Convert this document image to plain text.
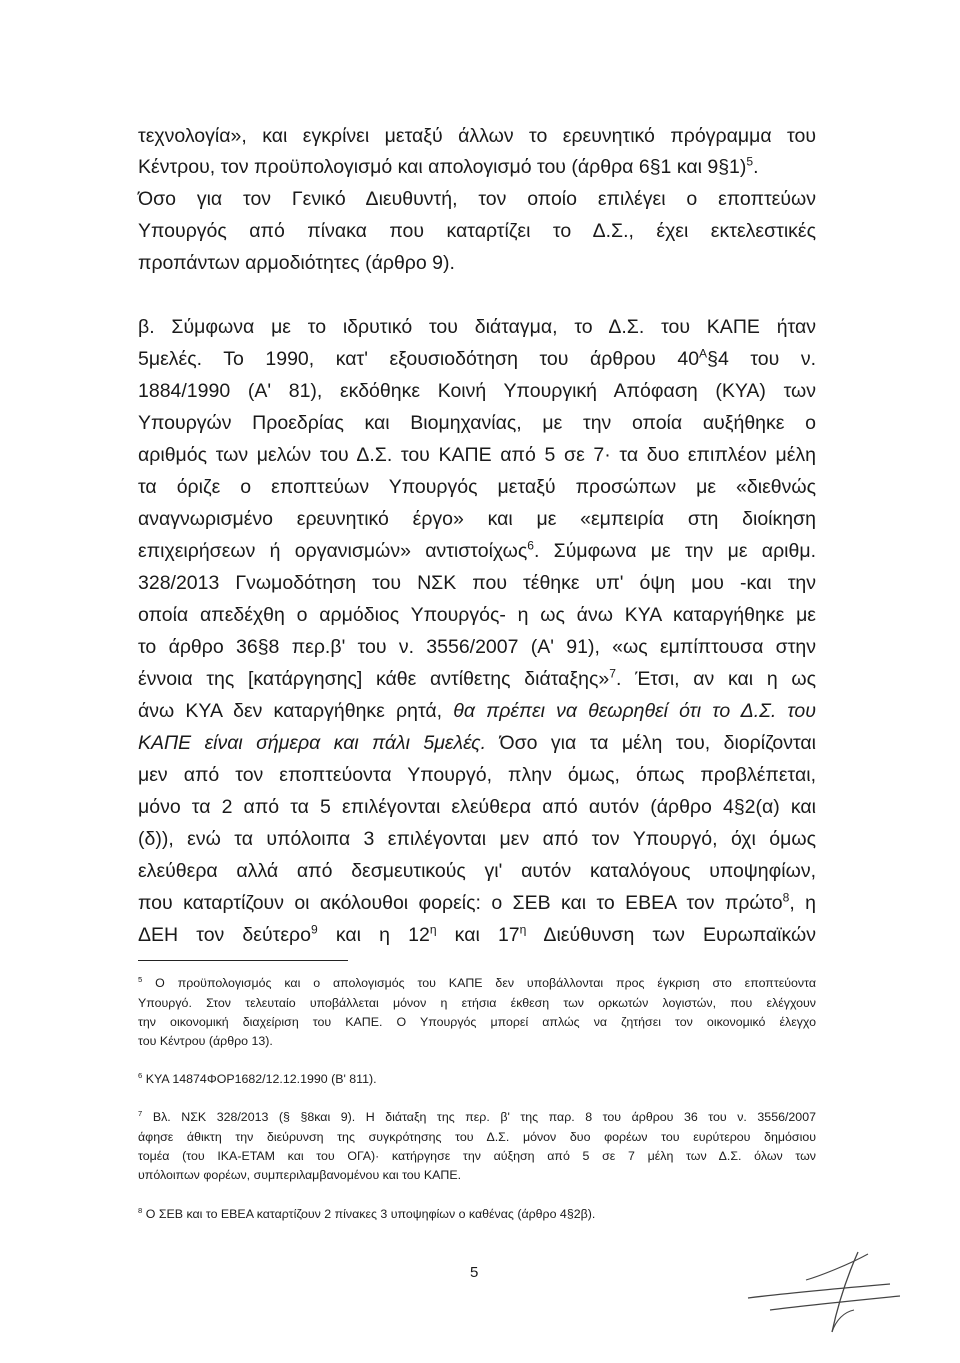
τεχνολογία», και εγκρίνει μεταξύ άλλων το ερευνητικό πρόγραμμα του
Κέντρου, τον προϋπολογισμό και απολογισμό του (άρθρα 6§1 και 9§1)$^5$.
Όσο για τον Γενικό Διευθυντή, τον οποίο επιλέγει ο εποπτεύων
Υπουργός από πίνακα που καταρτίζει το Δ.Σ., έχει εκτελεστικές
προπάντων αρμοδιότητες (άρθρο 9).
β. Σύμφωνα με το ιδρυτικό του διάταγμα, το Δ.Σ. του ΚΑΠΕ ήταν
5μελές. Το 1990, κατ' εξουσιοδότηση του άρθρου $40^A\S 4$ του ν.
1884/1990 (Α' 81), εκδόθηκε Κοινή Υπουργική Απόφαση (ΚΥΑ) των
Υπουργών Προεδρίας και Βιομηχανίας, με την οποία αυξήθηκε ο
αριθμός των μελών του Δ.Σ. του ΚΑΠΕ από 5 σε 7· τα δυο επιπλέον μέλη
τα όριζε ο εποπτεύων Υπουργός μεταξύ προσώπων με «διεθνώς
αναγνωρισμένο ερευνητικό έργο» και με «εμπειρία στη διοίκηση
επιχειρήσεων ή οργανισμών» αντιστοίχως$^6$. Σύμφωνα με την με αριθμ.
328/2013 Γνωμοδότηση του ΝΣΚ που τέθηκε υπ' όψη μου -και την
οποία απεδέχθη ο αρμόδιος Υπουργός- η ως άνω ΚΥΑ καταργήθηκε με
το άρθρο 36§8 περ.β' του ν. 3556/2007 (Α' 91), «ως εμπίπτουσα στην
έννοια της [κατάργησης] κάθε αντίθετης διάταξης»$^7$. Έτσι, αν και η ως
άνω ΚΥΑ δεν καταργήθηκε ρητά, θα πρέπει να θεωρηθεί ότι το Δ.Σ. του
ΚΑΠΕ είναι σήμερα και πάλι 5μελές. Όσο για τα μέλη του, διορίζονται
μεν από τον εποπτεύοντα Υπουργό, πλην όμως, όπως προβλέπεται,
μόνο τα 2 από τα 5 επιλέγονται ελεύθερα από αυτόν (άρθρο 4§2(α) και
(δ)), ενώ τα υπόλοιπα 3 επιλέγονται μεν από τον Υπουργό, όχι όμως
ελεύθερα αλλά από δεσμευτικούς γι' αυτόν καταλόγους υποψηφίων,
που καταρτίζουν οι ακόλουθοι φορείς: ο ΣΕΒ και το ΕΒΕΑ τον πρώτο$^8$, η
ΔΕΗ τον δεύτερο$^9$ και η $12^\eta$ και $17^\eta$ Διεύθυνση των Ευρωπαϊκών
$^5$ Ο προϋπολογισμός και ο απολογισμός του ΚΑΠΕ δεν υποβάλλονται προς έγκριση στο εποπτεύοντα
Υπουργό. Στον τελευταίο υποβάλλεται μόνον η ετήσια έκθεση των ορκωτών λογιστών, που ελέγχουν
την οικονομική διαχείριση του ΚΑΠΕ. Ο Υπουργός μπορεί απλώς να ζητήσει τον οικονομικό έλεγχο
του Κέντρου (άρθρο 13).
$^6$ ΚΥΑ 14874ΦΟΡ1682/12.12.1990 (Β' 811).
$^7$ Βλ. ΝΣΚ 328/2013 (§ §8και 9). Η διάταξη της περ. β' της παρ. 8 του άρθρου 36 του ν. 3556/2007
άφησε άθικτη την διεύρυνση της συγκρότησης του Δ.Σ. μόνον δυο φορέων του ευρύτερου δημόσιου
τομέα (του ΙΚΑ-ΕΤΑΜ και του ΟΓΑ)· κατήργησε την αύξηση από 5 σε 7 μέλη των Δ.Σ. όλων των
υπόλοιπων φορέων, συμπεριλαμβανομένου και του ΚΑΠΕ.
$^8$ Ο ΣΕΒ και το ΕΒΕΑ καταρτίζουν 2 πίνακες 3 υποψηφίων ο καθένας (άρθρο 4§2β).
5
